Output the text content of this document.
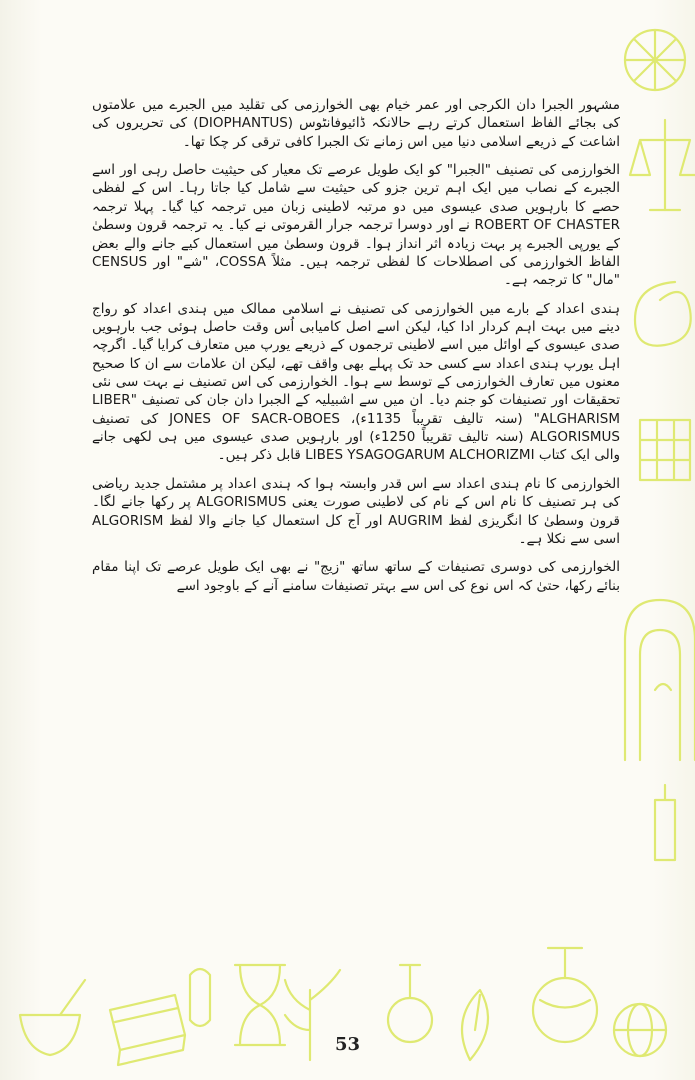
مشہور الجبرا دان الکرجی اور عمر خیام بھی الخوارزمی کی تقلید میں الجبرے میں علامتوں کی بجائے الفاظ استعمال کرتے رہے حالانکہ ڈائیوفانٹوس (DIOPHANTUS) کی تحریروں کی اشاعت کے ذریعے اسلامی دنیا میں اس زمانے تک الجبرا کافی ترقی کر چکا تھا۔

الخوارزمی کی تصنیف "الجبرا" کو ایک طویل عرصے تک معیار کی حیثیت حاصل رہی اور اسے الجبرے کے نصاب میں ایک اہم ترین جزو کی حیثیت سے شامل کیا جاتا رہا۔ اس کے لفظی حصے کا بارہویں صدی عیسوی میں دو مرتبہ لاطینی زبان میں ترجمہ کیا گیا۔ پہلا ترجمہ ROBERT OF CHASTER نے اور دوسرا ترجمہ جرار القرموتی نے کیا۔ یہ ترجمہ قرون وسطیٰ کے یورپی الجبرے پر بہت زیادہ اثر انداز ہوا۔ قرون وسطیٰ میں استعمال کیے جانے والے بعض الفاظ الخوارزمی کی اصطلاحات کا لفظی ترجمہ ہیں۔ مثلاً COSSA، "شے" اور CENSUS "مال" کا ترجمہ ہے۔

ہندی اعداد کے بارے میں الخوارزمی کی تصنیف نے اسلامی ممالک میں ہندی اعداد کو رواج دینے میں بہت اہم کردار ادا کیا، لیکن اسے اصل کامیابی اُس وقت حاصل ہوئی جب بارہویں صدی عیسوی کے اوائل میں اسے لاطینی ترجموں کے ذریعے یورپ میں متعارف کرایا گیا۔ اگرچہ اہل یورپ ہندی اعداد سے کسی حد تک پہلے بھی واقف تھے، لیکن ان علامات سے ان کا صحیح معنوں میں تعارف الخوارزمی کے توسط سے ہوا۔ الخوارزمی کی اس تصنیف نے بہت سی نئی تحقیقات اور تصنیفات کو جنم دیا۔ ان میں سے اشبیلیہ کے الجبرا دان جان کی تصنیف "LIBER ALGHARISM" (سنہ تالیف تقریباً 1135ء)، JONES OF SACR-OBOES کی تصنیف ALGORISMUS (سنہ تالیف تقریباً 1250ء) اور بارہویں صدی عیسوی میں ہی لکھی جانے والی ایک کتاب LIBES YSAGOGARUM ALCHORIZMI قابل ذکر ہیں۔

الخوارزمی کا نام ہندی اعداد سے اس قدر وابستہ ہوا کہ ہندی اعداد پر مشتمل جدید ریاضی کی ہر تصنیف کا نام اس کے نام کی لاطینی صورت یعنی ALGORISMUS پر رکھا جانے لگا۔ قرون وسطیٰ کا انگریزی لفظ AUGRIM اور آج کل استعمال کیا جانے والا لفظ ALGORISM اسی سے نکلا ہے۔

الخوارزمی کی دوسری تصنیفات کے ساتھ ساتھ "زیج" نے بھی ایک طویل عرصے تک اپنا مقام بنائے رکھا، حتیٰ کہ اس نوع کی اس سے بہتر تصنیفات سامنے آنے کے باوجود اسے

53
